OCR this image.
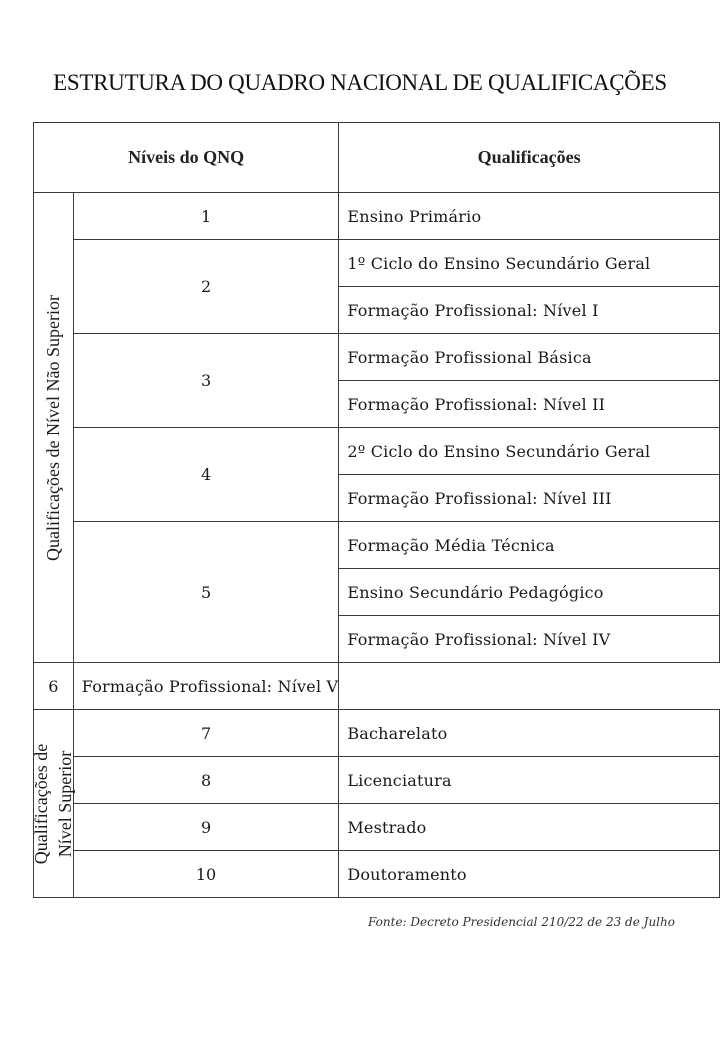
ESTRUTURA DO QUADRO NACIONAL DE QUALIFICAÇÕES
Níveis do QNQ		Qualificações

Qualificações de Nível Não Superior	1	Ensino Primário
	2	1º Ciclo do Ensino Secundário Geral
		Formação Profissional: Nível I
	3	Formação Profissional Básica
		Formação Profissional: Nível II
	4	2º Ciclo do Ensino Secundário Geral
		Formação Profissional: Nível III
	5	Formação Média Técnica
		Ensino Secundário Pedagógico
		Formação Profissional: Nível IV
6	Formação Profissional: Nível V	

Qualificações de Nível Superior	7	Bacharelato
	8	Licenciatura
	9	Mestrado
	10	Doutoramento
Fonte: Decreto Presidencial 210/22 de 23 de Julho
